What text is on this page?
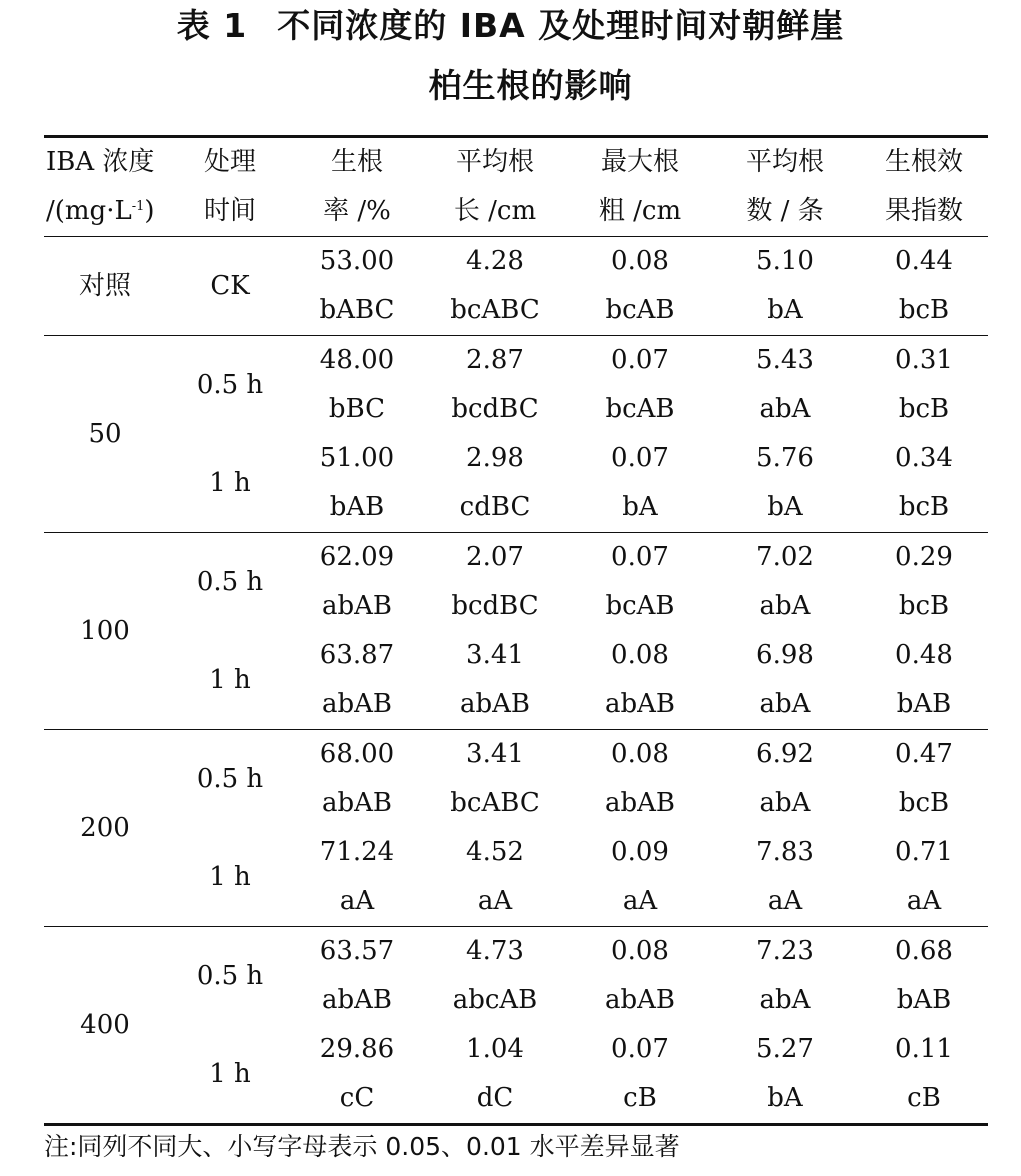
表 1 不同浓度的 IBA 及处理时间对朝鲜崖
柏生根的影响
IBA 浓度	处理	生根	平均根	最大根	平均根	生根效
$/(mg\cdot L^{-1})$	时间	率 /%	长 /cm	粗 /cm	数 / 条	果指数
对照	CK	53.00	4.28	0.08	5.10	0.44
		bABC	bcABC	bcAB	bA	bcB
50	0.5 h	48.00	2.87	0.07	5.43	0.31
		bBC	bcdBC	bcAB	abA	bcB
	1 h	51.00	2.98	0.07	5.76	0.34
		bAB	cdBC	bA	bA	bcB
100	0.5 h	62.09	2.07	0.07	7.02	0.29
		abAB	bcdBC	bcAB	abA	bcB
	1 h	63.87	3.41	0.08	6.98	0.48
		abAB	abAB	abAB	abA	bAB
200	0.5 h	68.00	3.41	0.08	6.92	0.47
		abAB	bcABC	abAB	abA	bcB
	1 h	71.24	4.52	0.09	7.83	0.71
		aA	aA	aA	aA	aA
400	0.5 h	63.57	4.73	0.08	7.23	0.68
		abAB	abcAB	abAB	abA	bAB
	1 h	29.86	1.04	0.07	5.27	0.11
		cC	dC	cB	bA	cB
注:同列不同大、小写字母表示 0.05、0.01 水平差异显著
